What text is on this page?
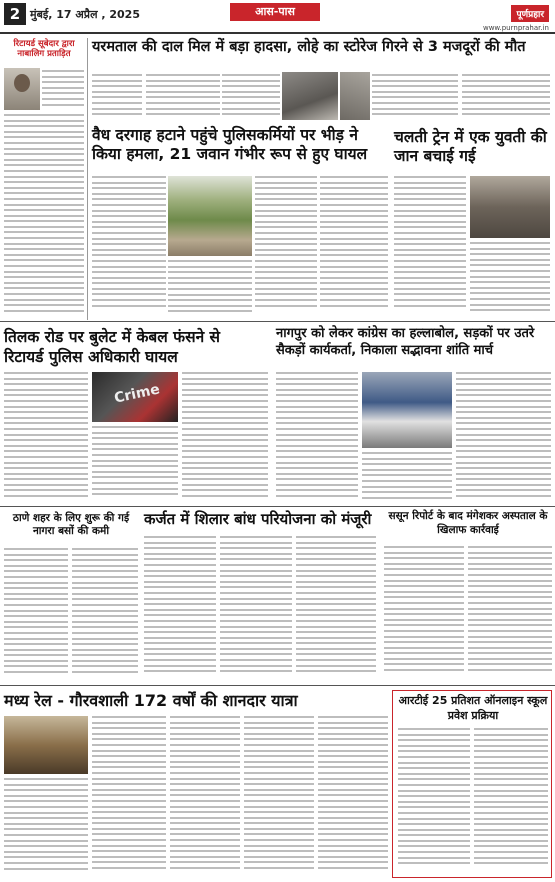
2 मुंबई, 17 अप्रैल , 2025	आस-पास	पूर्णप्रहार
www.purnprahar.in
रिटायर्ड सूबेदार द्वारा नाबालिग प्रताड़ित	यरमताल की दाल मिल में बड़ा हादसा, लोहे का स्टोरेज गिरने से 3 मजदूरों की मौत
वैध दरगाह हटाने पहुंचे पुलिसकर्मियों पर भीड़ ने किया हमला, 21 जवान गंभीर रूप से हुए घायल
चलती ट्रेन में एक युवती की जान बचाई गई
तिलक रोड पर बुलेट में केबल फंसने से रिटायर्ड पुलिस अधिकारी घायल
Crime
नागपुर को लेकर कांग्रेस का हल्लाबोल, सड़कों पर उतरे सैकड़ों कार्यकर्ता, निकाला सद्भावना शांति मार्च
ठाणे शहर के लिए शुरू की गई नागरा बसों की कमी
कर्जत में शिलार बांध परियोजना को मंजूरी	ससून रिपोर्ट के बाद मंगेशकर अस्पताल के खिलाफ कार्रवाई
मध्य रेल - गौरवशाली 172 वर्षों की शानदार यात्रा	आरटीई 25 प्रतिशत ऑनलाइन स्कूल प्रवेश प्रक्रिया
